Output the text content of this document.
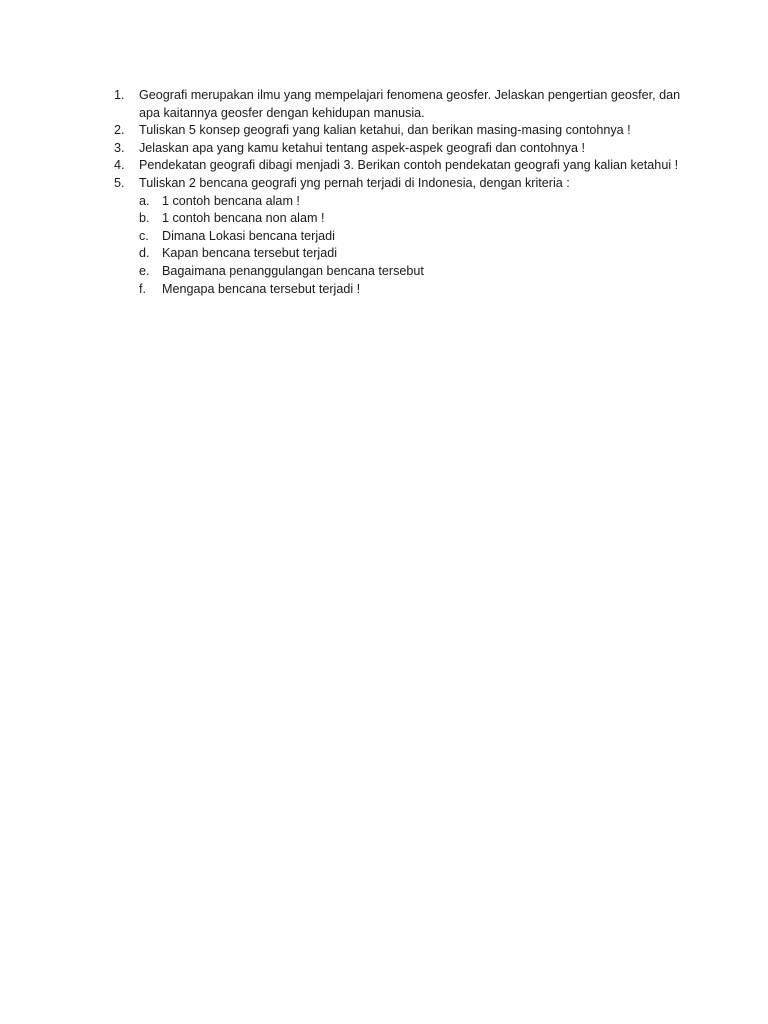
1.	Geografi merupakan ilmu yang mempelajari fenomena geosfer. Jelaskan pengertian geosfer, dan apa kaitannya geosfer dengan kehidupan manusia.
2.	Tuliskan 5 konsep geografi yang kalian ketahui, dan berikan masing-masing contohnya !
3.	Jelaskan apa yang kamu ketahui tentang aspek-aspek geografi dan contohnya !
4.	Pendekatan geografi dibagi menjadi 3. Berikan contoh pendekatan geografi yang kalian ketahui !
5.	Tuliskan 2 bencana geografi yng pernah terjadi di Indonesia, dengan kriteria :
a. 1 contoh bencana alam !
b. 1 contoh bencana non alam !
c.	Dimana Lokasi bencana terjadi
d. Kapan bencana tersebut terjadi
e. Bagaimana penanggulangan bencana tersebut
f.	Mengapa bencana tersebut terjadi !
